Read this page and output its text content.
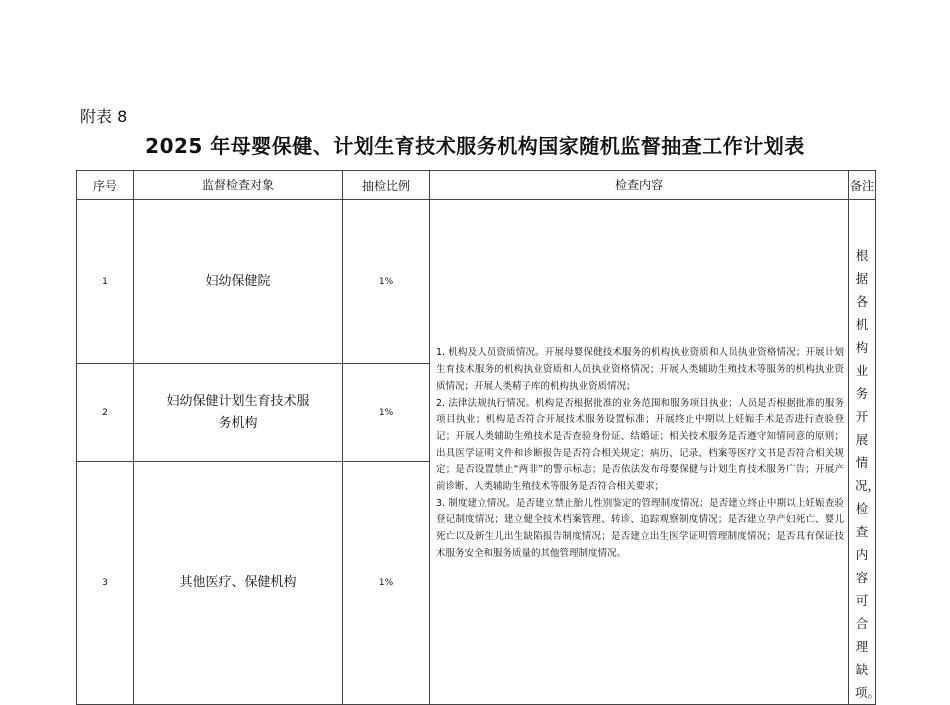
附表 8
2025 年母婴保健、计划生育技术服务机构国家随机监督抽查工作计划表
序号	监督检查对象	抽检比例	检查内容	备注
1	妇幼保健院	1%	1. 机构及人员资质情况。开展母婴保健技术服务的机构执业资质和人员执业资格情况；开展计划生育技术服务的机构执业资质和人员执业资格情况；开展人类辅助生殖技术等服务的机构执业资质情况；开展人类精子库的机构执业资质情况；

2. 法律法规执行情况。机构是否根据批准的业务范围和服务项目执业；人员是否根据批准的服务项目执业；机构是否符合开展技术服务设置标准；开展终止中期以上妊娠手术是否进行查验登记；开展人类辅助生殖技术是否查验身份证、结婚证；相关技术服务是否遵守知情同意的原则；出具医学证明文件和诊断报告是否符合相关规定；病历、记录、档案等医疗文书是否符合相关规定；是否设置禁止“两非”的警示标志；是否依法发布母婴保健与计划生育技术服务广告；开展产前诊断、人类辅助生殖技术等服务是否符合相关要求；

3. 制度建立情况。是否建立禁止胎儿性别鉴定的管理制度情况；是否建立终止中期以上妊娠查验登记制度情况；建立健全技术档案管理、转诊、追踪观察制度情况；是否建立孕产妇死亡、婴儿死亡以及新生儿出生缺陷报告制度情况；是否建立出生医学证明管理制度情况；是否具有保证技术服务安全和服务质量的其他管理制度情况。	根据各机构业务开展情况，检查内容可合理缺项。
2	妇幼保健计划生育技术服务机构	1%		
3	其他医疗、保健机构	1%		
